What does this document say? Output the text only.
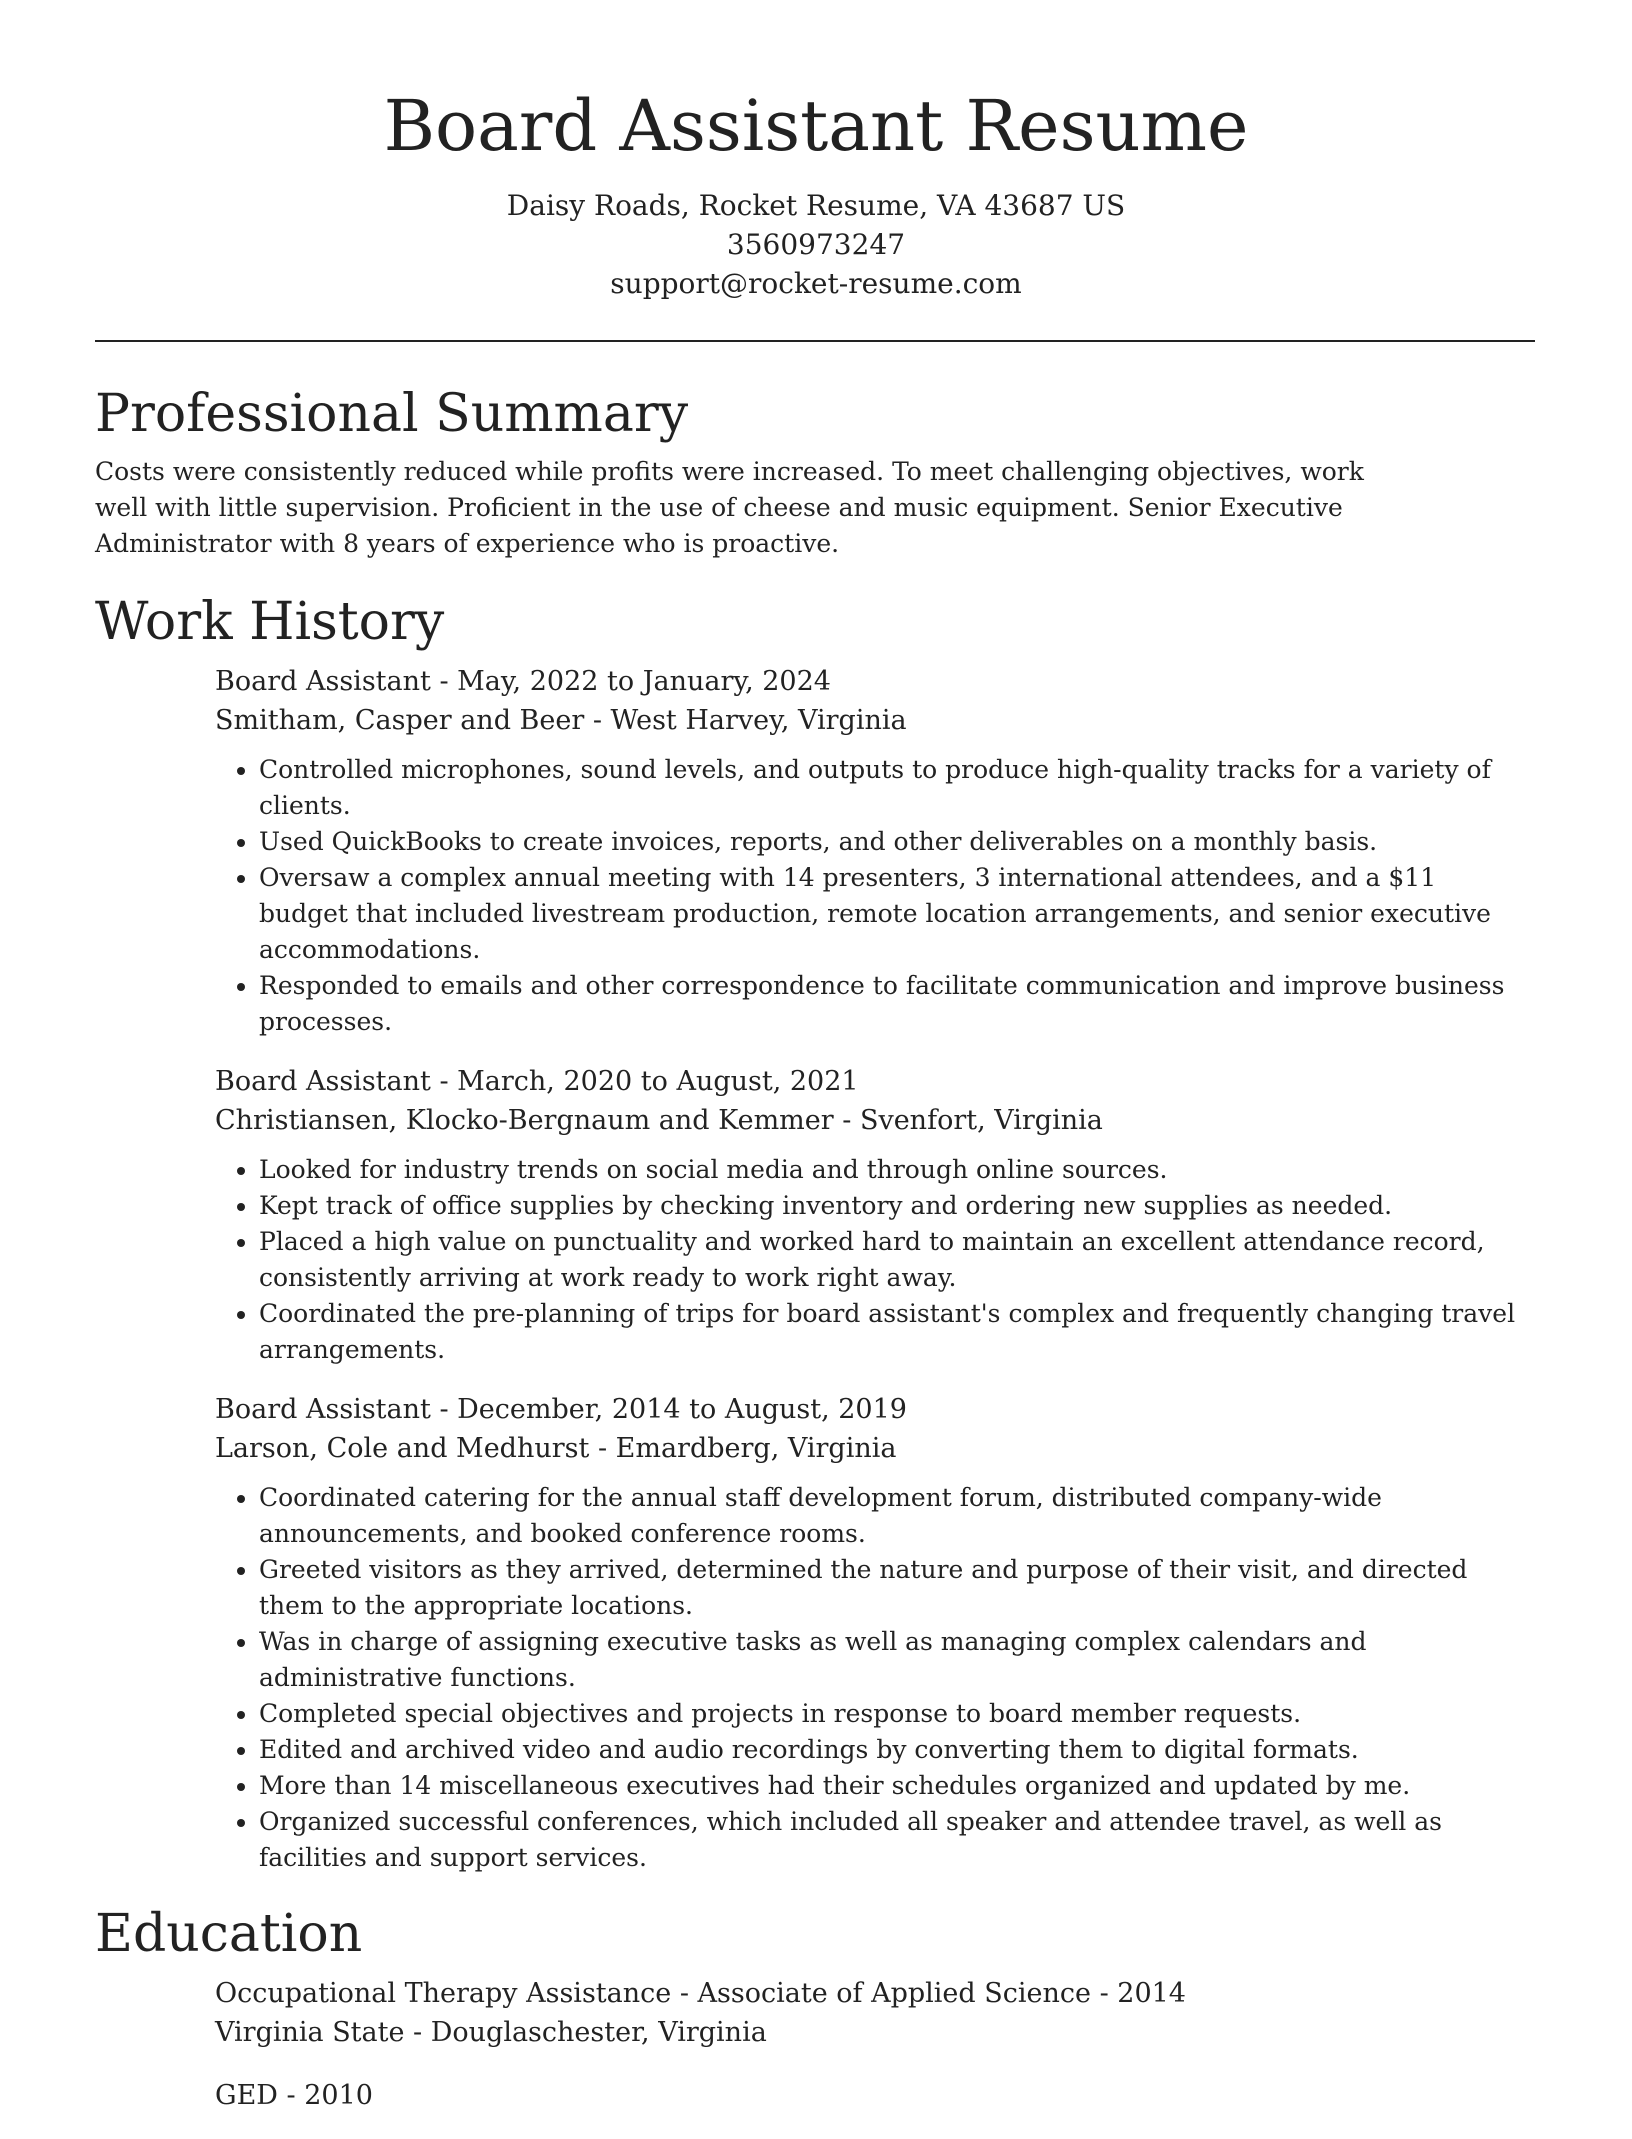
Board Assistant Resume
Daisy Roads, Rocket Resume, VA 43687 US
3560973247
support@rocket-resume.com
Professional Summary

Costs were consistently reduced while profits were increased. To meet challenging objectives, work well with little supervision. Proficient in the use of cheese and music equipment. Senior Executive Administrator with 8 years of experience who is proactive.

Work History
Board Assistant - May, 2022 to January, 2024
Smitham, Casper and Beer - West Harvey, Virginia
• Controlled microphones, sound levels, and outputs to produce high-quality tracks for a variety of clients.
• Used QuickBooks to create invoices, reports, and other deliverables on a monthly basis.
• Oversaw a complex annual meeting with 14 presenters, 3 international attendees, and a $11 budget that included livestream production, remote location arrangements, and senior executive accommodations.
• Responded to emails and other correspondence to facilitate communication and improve business processes.
Board Assistant - March, 2020 to August, 2021
Christiansen, Klocko-Bergnaum and Kemmer - Svenfort, Virginia
• Looked for industry trends on social media and through online sources.
• Kept track of office supplies by checking inventory and ordering new supplies as needed.
• Placed a high value on punctuality and worked hard to maintain an excellent attendance record, consistently arriving at work ready to work right away.
• Coordinated the pre-planning of trips for board assistant's complex and frequently changing travel arrangements.
Board Assistant - December, 2014 to August, 2019
Larson, Cole and Medhurst - Emardberg, Virginia
• Coordinated catering for the annual staff development forum, distributed company-wide announcements, and booked conference rooms.
• Greeted visitors as they arrived, determined the nature and purpose of their visit, and directed them to the appropriate locations.
• Was in charge of assigning executive tasks as well as managing complex calendars and administrative functions.
• Completed special objectives and projects in response to board member requests.
• Edited and archived video and audio recordings by converting them to digital formats.
• More than 14 miscellaneous executives had their schedules organized and updated by me.
• Organized successful conferences, which included all speaker and attendee travel, as well as facilities and support services.
Education
Occupational Therapy Assistance - Associate of Applied Science - 2014
Virginia State - Douglaschester, Virginia
GED - 2010
